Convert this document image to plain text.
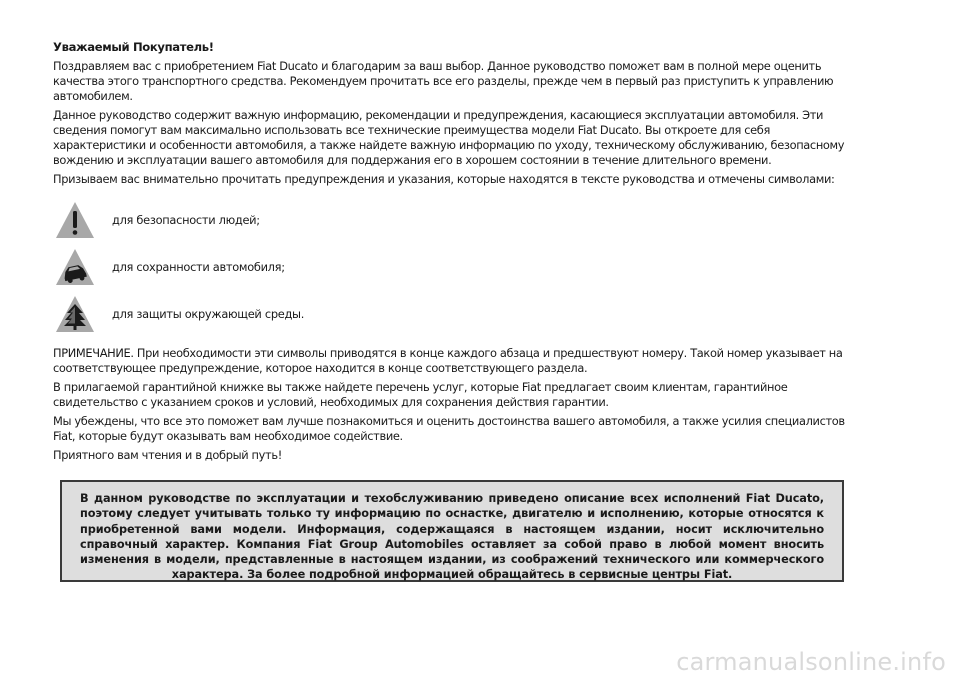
Уважаемый Покупатель!

Поздравляем вас с приобретением Fiat Ducato и благодарим за ваш выбор. Данное руководство поможет вам в полной мере оценить качества этого транспортного средства. Рекомендуем прочитать все его разделы, прежде чем в первый раз приступить к управлению автомобилем.

Данное руководство содержит важную информацию, рекомендации и предупреждения, касающиеся эксплуатации автомобиля. Эти сведения помогут вам максимально использовать все технические преимущества модели Fiat Ducato. Вы откроете для себя характеристики и особенности автомобиля, а также найдете важную информацию по уходу, техническому обслуживанию, безопасному вождению и эксплуатации вашего автомобиля для поддержания его в хорошем состоянии в течение длительного времени.

Призываем вас внимательно прочитать предупреждения и указания, которые находятся в тексте руководства и отмечены символами:

для безопасности людей;
для сохранности автомобиля;
для защиты окружающей среды.

ПРИМЕЧАНИЕ. При необходимости эти символы приводятся в конце каждого абзаца и предшествуют номеру. Такой номер указывает на соответствующее предупреждение, которое находится в конце соответствующего раздела.

В прилагаемой гарантийной книжке вы также найдете перечень услуг, которые Fiat предлагает своим клиентам, гарантийное свидетельство с указанием сроков и условий, необходимых для сохранения действия гарантии.

Мы убеждены, что все это поможет вам лучше познакомиться и оценить достоинства вашего автомобиля, а также усилия специалистов Fiat, которые будут оказывать вам необходимое содействие.

Приятного вам чтения и в добрый путь!

В данном руководстве по эксплуатации и техобслуживанию приведено описание всех исполнений Fiat Ducato, поэтому следует учитывать только ту информацию по оснастке, двигателю и исполнению, которые относятся к приобретенной вами модели. Информация, содержащаяся в настоящем издании, носит исключительно справочный характер. Компания Fiat Group Automobiles оставляет за собой право в любой момент вносить изменения в модели, представленные в настоящем издании, из соображений технического или коммерческого характера. За более подробной информацией обращайтесь в сервисные центры Fiat.

carmanualsonline.info
